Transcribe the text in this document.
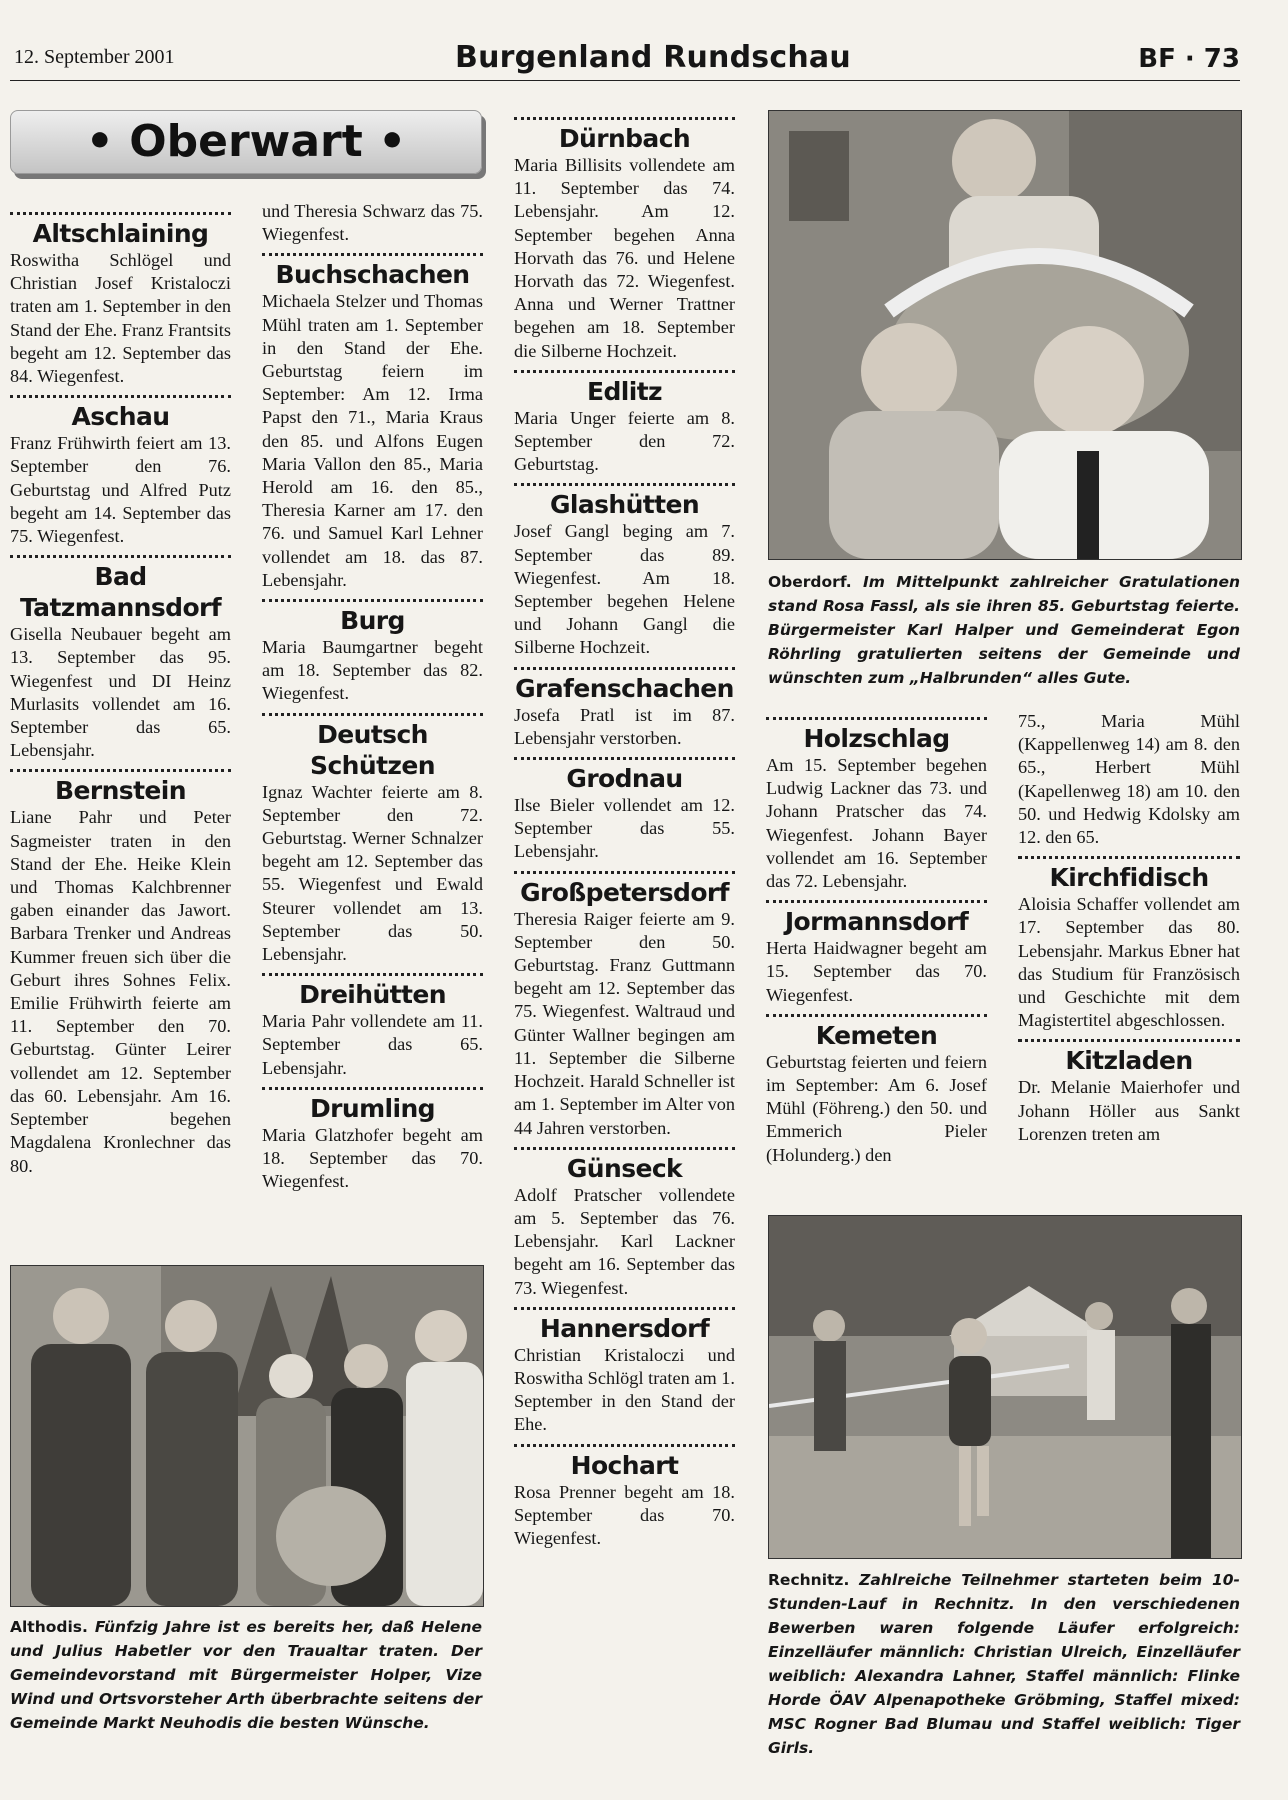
12. September 2001	Burgenland Rundschau	BF · 73
• Oberwart •
Altschlaining

Roswitha Schlögel und Christian Josef Kristaloczi traten am 1. September in den Stand der Ehe. Franz Frantsits begeht am 12. September das 84. Wiegenfest.

Aschau

Franz Frühwirth feiert am 13. September den 76. Geburtstag und Alfred Putz begeht am 14. September das 75. Wiegenfest.

Bad Tatzmannsdorf

Gisella Neubauer begeht am 13. September das 95. Wiegenfest und DI Heinz Murlasits vollendet am 16. September das 65. Lebensjahr.

Bernstein

Liane Pahr und Peter Sagmeister traten in den Stand der Ehe. Heike Klein und Thomas Kalchbrenner gaben einander das Jawort. Barbara Trenker und Andreas Kummer freuen sich über die Geburt ihres Sohnes Felix. Emilie Frühwirth feierte am 11. September den 70. Geburtstag. Günter Leirer vollendet am 12. September das 60. Lebensjahr. Am 16. September begehen Magdalena Kronlechner das 80.

und Theresia Schwarz das 75. Wiegenfest.

Buchschachen

Michaela Stelzer und Thomas Mühl traten am 1. September in den Stand der Ehe. Geburtstag feiern im September: Am 12. Irma Papst den 71., Maria Kraus den 85. und Alfons Eugen Maria Vallon den 85., Maria Herold am 16. den 85., Theresia Karner am 17. den 76. und Samuel Karl Lehner vollendet am 18. das 87. Lebensjahr.

Burg

Maria Baumgartner begeht am 18. September das 82. Wiegenfest.

Deutsch Schützen

Ignaz Wachter feierte am 8. September den 72. Geburtstag. Werner Schnalzer begeht am 12. September das 55. Wiegenfest und Ewald Steurer vollendet am 13. September das 50. Lebensjahr.

Dreihütten

Maria Pahr vollendete am 11. September das 65. Lebensjahr.

Drumling

Maria Glatzhofer begeht am 18. September das 70. Wiegenfest.

Dürnbach

Maria Billisits vollendete am 11. September das 74. Lebensjahr. Am 12. September begehen Anna Horvath das 76. und Helene Horvath das 72. Wiegenfest. Anna und Werner Trattner begehen am 18. September die Silberne Hochzeit.

Edlitz

Maria Unger feierte am 8. September den 72. Geburtstag.

Glashütten

Josef Gangl beging am 7. September das 89. Wiegenfest. Am 18. September begehen Helene und Johann Gangl die Silberne Hochzeit.

Grafenschachen

Josefa Pratl ist im 87. Lebensjahr verstorben.

Grodnau

Ilse Bieler vollendet am 12. September das 55. Lebensjahr.

Großpetersdorf

Theresia Raiger feierte am 9. September den 50. Geburtstag. Franz Guttmann begeht am 12. September das 75. Wiegenfest. Waltraud und Günter Wallner begingen am 11. September die Silberne Hochzeit. Harald Schneller ist am 1. September im Alter von 44 Jahren verstorben.

Günseck

Adolf Pratscher vollendete am 5. September das 76. Lebensjahr. Karl Lackner begeht am 16. September das 73. Wiegenfest.

Hannersdorf

Christian Kristaloczi und Roswitha Schlögl traten am 1. September in den Stand der Ehe.

Hochart

Rosa Prenner begeht am 18. September das 70. Wiegenfest.

Holzschlag

Am 15. September begehen Ludwig Lackner das 73. und Johann Pratscher das 74. Wiegenfest. Johann Bayer vollendet am 16. September das 72. Lebensjahr.

Jormannsdorf

Herta Haidwagner begeht am 15. September das 70. Wiegenfest.

Kemeten

Geburtstag feierten und feiern im September: Am 6. Josef Mühl (Föhreng.) den 50. und Emmerich Pieler (Holunderg.) den

75., Maria Mühl (Kappellenweg 14) am 8. den 65., Herbert Mühl (Kapellenweg 18) am 10. den 50. und Hedwig Kdolsky am 12. den 65.

Kirchfidisch

Aloisia Schaffer vollendet am 17. September das 80. Lebensjahr. Markus Ebner hat das Studium für Französisch und Geschichte mit dem Magistertitel abgeschlossen.

Kitzladen

Dr. Melanie Maierhofer und Johann Höller aus Sankt Lorenzen treten am

Oberdorf. Im Mittelpunkt zahlreicher Gratulationen stand Rosa Fassl, als sie ihren 85. Geburtstag feierte. Bürgermeister Karl Halper und Gemeinderat Egon Röhrling gratulierten seitens der Gemeinde und wünschten zum „Halbrunden“ alles Gute.
Althodis. Fünfzig Jahre ist es bereits her, daß Helene und Julius Habetler vor den Traualtar traten. Der Gemeindevorstand mit Bürgermeister Holper, Vize Wind und Ortsvorsteher Arth überbrachte seitens der Gemeinde Markt Neuhodis die besten Wünsche.
Rechnitz. Zahlreiche Teilnehmer starteten beim 10-Stunden-Lauf in Rechnitz. In den verschiedenen Bewerben waren folgende Läufer erfolgreich: Einzelläufer männlich: Christian Ulreich, Einzelläufer weiblich: Alexandra Lahner, Staffel männlich: Flinke Horde ÖAV Alpenapotheke Gröbming, Staffel mixed: MSC Rogner Bad Blumau und Staffel weiblich: Tiger Girls.
